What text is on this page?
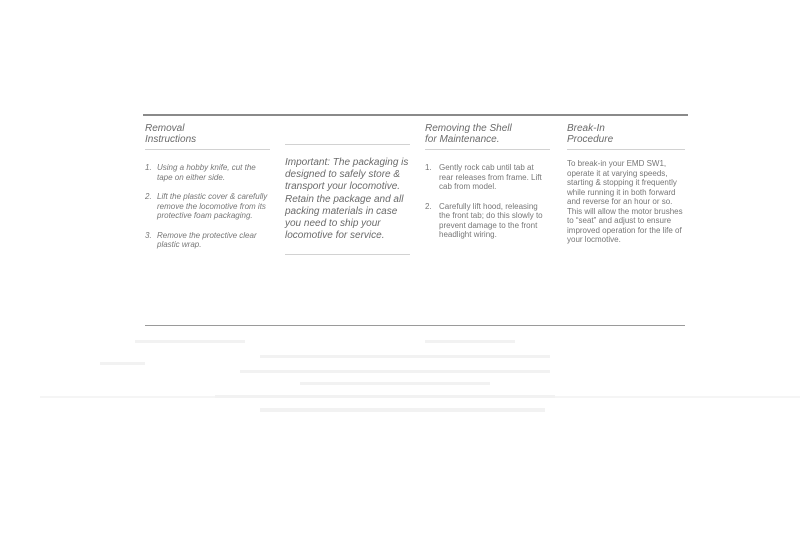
Removal
Instructions

1. Using a hobby knife, cut the tape on either side.
2. Lift the plastic cover & carefully remove the locomotive from its protective foam packaging.
3. Remove the protective clear plastic wrap.

Important: The packaging is designed to safely store & transport your locomotive. Retain the package and all packing materials in case you need to ship your locomotive for service.

Removing the Shell
for Maintenance.

1. Gently rock cab until tab at rear releases from frame. Lift cab from model.
2. Carefully lift hood, releasing the front tab; do this slowly to prevent damage to the front headlight wiring.

Break-In
Procedure

To break-in your EMD SW1, operate it at varying speeds, starting & stopping it frequently while running it in both forward and reverse for an hour or so. This will allow the motor brushes to “seat” and adjust to ensure improved operation for the life of your locmotive.
